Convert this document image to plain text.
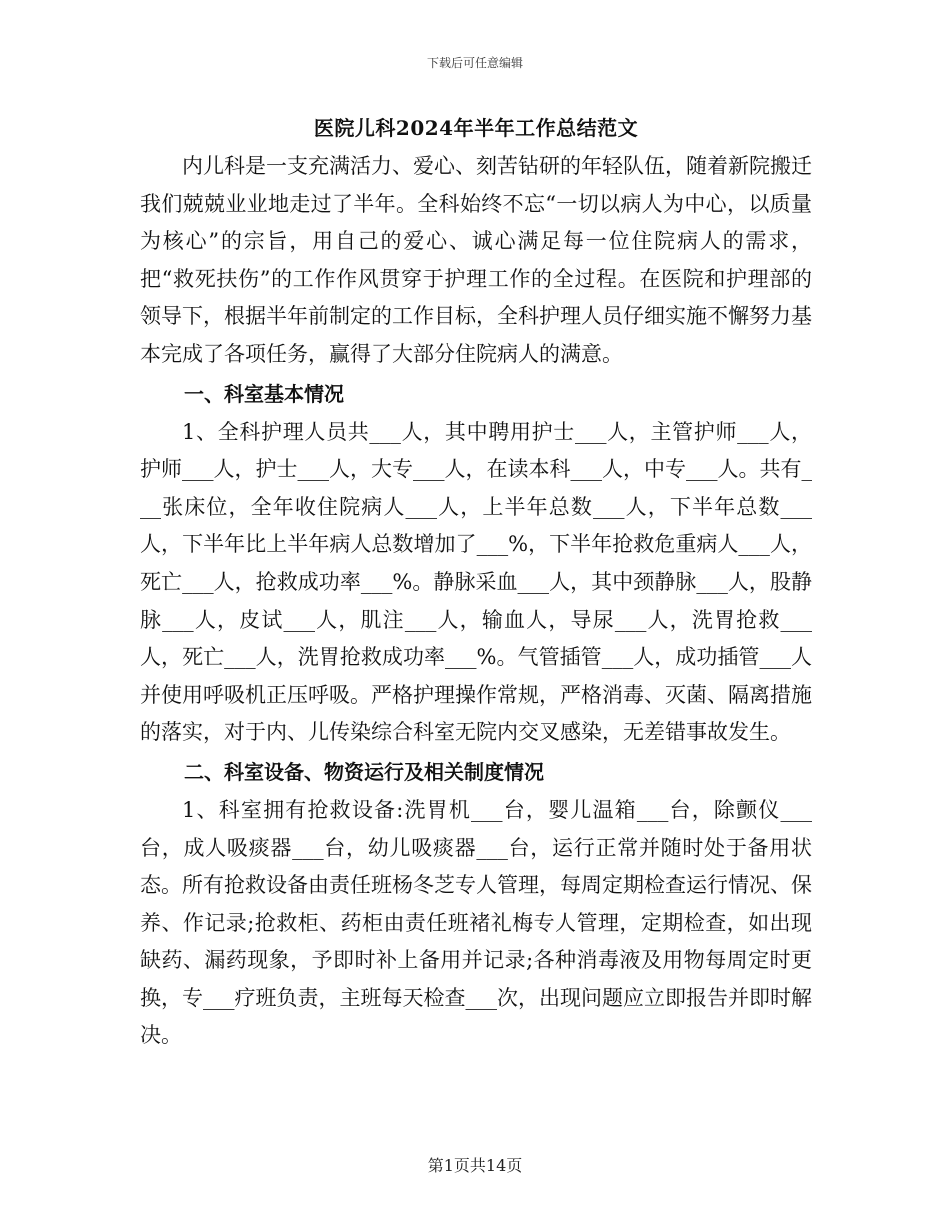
下载后可任意编辑
医院儿科2024年半年工作总结范文

内儿科是一支充满活力、爱心、刻苦钻研的年轻队伍，随着新院搬迁我们兢兢业业地走过了半年。全科始终不忘“一切以病人为中心，以质量为核心”的宗旨，用自己的爱心、诚心满足每一位住院病人的需求，把“救死扶伤”的工作作风贯穿于护理工作的全过程。在医院和护理部的领导下，根据半年前制定的工作目标，全科护理人员仔细实施不懈努力基本完成了各项任务，赢得了大部分住院病人的满意。

一、科室基本情况

1、全科护理人员共___人，其中聘用护士___人，主管护师___人，护师___人，护士___人，大专___人，在读本科___人，中专___人。共有___张床位，全年收住院病人___人，上半年总数___人，下半年总数___人，下半年比上半年病人总数增加了___%，下半年抢救危重病人___人，死亡___人，抢救成功率___%。静脉采血___人，其中颈静脉___人，股静脉___人，皮试___人，肌注___人，输血人，导尿___人，洗胃抢救___人，死亡___人，洗胃抢救成功率___%。气管插管___人，成功插管___人并使用呼吸机正压呼吸。严格护理操作常规，严格消毒、灭菌、隔离措施的落实，对于内、儿传染综合科室无院内交叉感染，无差错事故发生。

二、科室设备、物资运行及相关制度情况

1、科室拥有抢救设备:洗胃机___台，婴儿温箱___台，除颤仪___台，成人吸痰器___台，幼儿吸痰器___台，运行正常并随时处于备用状态。所有抢救设备由责任班杨冬芝专人管理，每周定期检查运行情况、保养、作记录;抢救柜、药柜由责任班褚礼梅专人管理，定期检查，如出现缺药、漏药现象，予即时补上备用并记录;各种消毒液及用物每周定时更换，专___疗班负责，主班每天检查___次，出现问题应立即报告并即时解决。

第1页共14页
